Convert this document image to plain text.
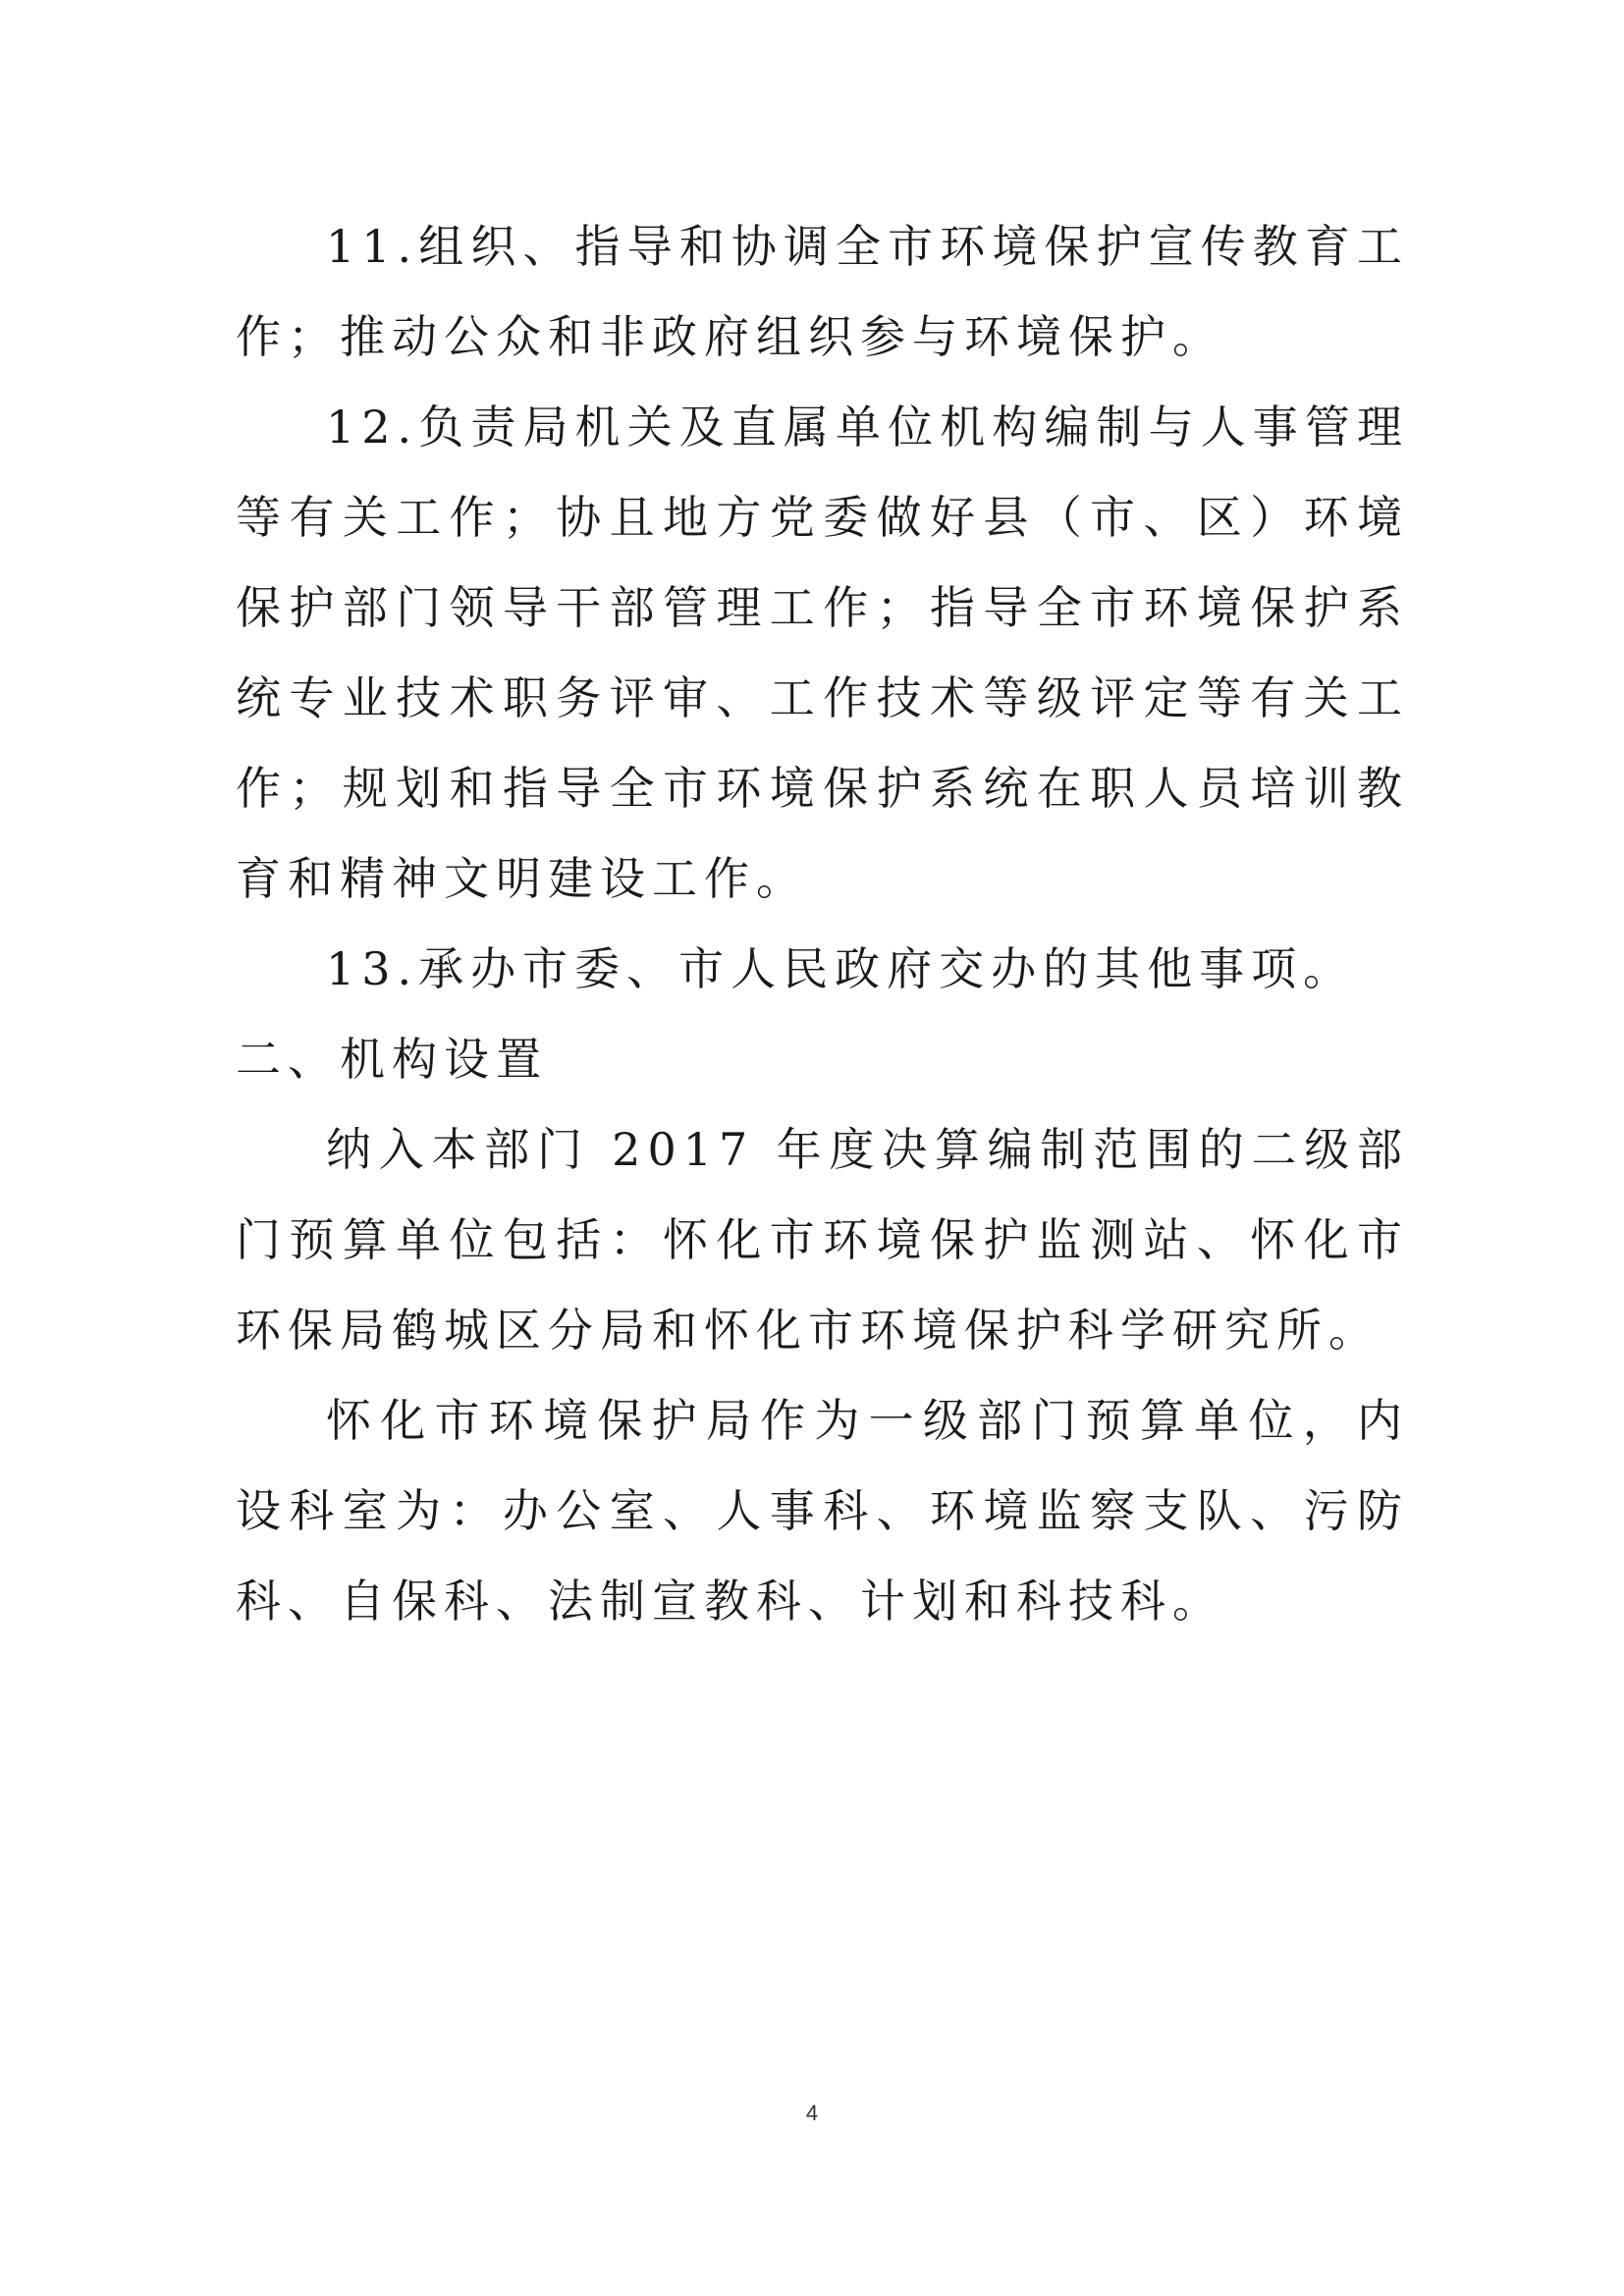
11.组织、指导和协调全市环境保护宣传教育工作；推动公众和非政府组织参与环境保护。

12.负责局机关及直属单位机构编制与人事管理等有关工作；协且地方党委做好县（市、区）环境保护部门领导干部管理工作；指导全市环境保护系统专业技术职务评审、工作技术等级评定等有关工作；规划和指导全市环境保护系统在职人员培训教育和精神文明建设工作。

13.承办市委、市人民政府交办的其他事项。

二、机构设置

纳入本部门 2017 年度决算编制范围的二级部门预算单位包括：怀化市环境保护监测站、怀化市环保局鹤城区分局和怀化市环境保护科学研究所。

怀化市环境保护局作为一级部门预算单位，内设科室为：办公室、人事科、环境监察支队、污防科、自保科、法制宣教科、计划和科技科。

4
